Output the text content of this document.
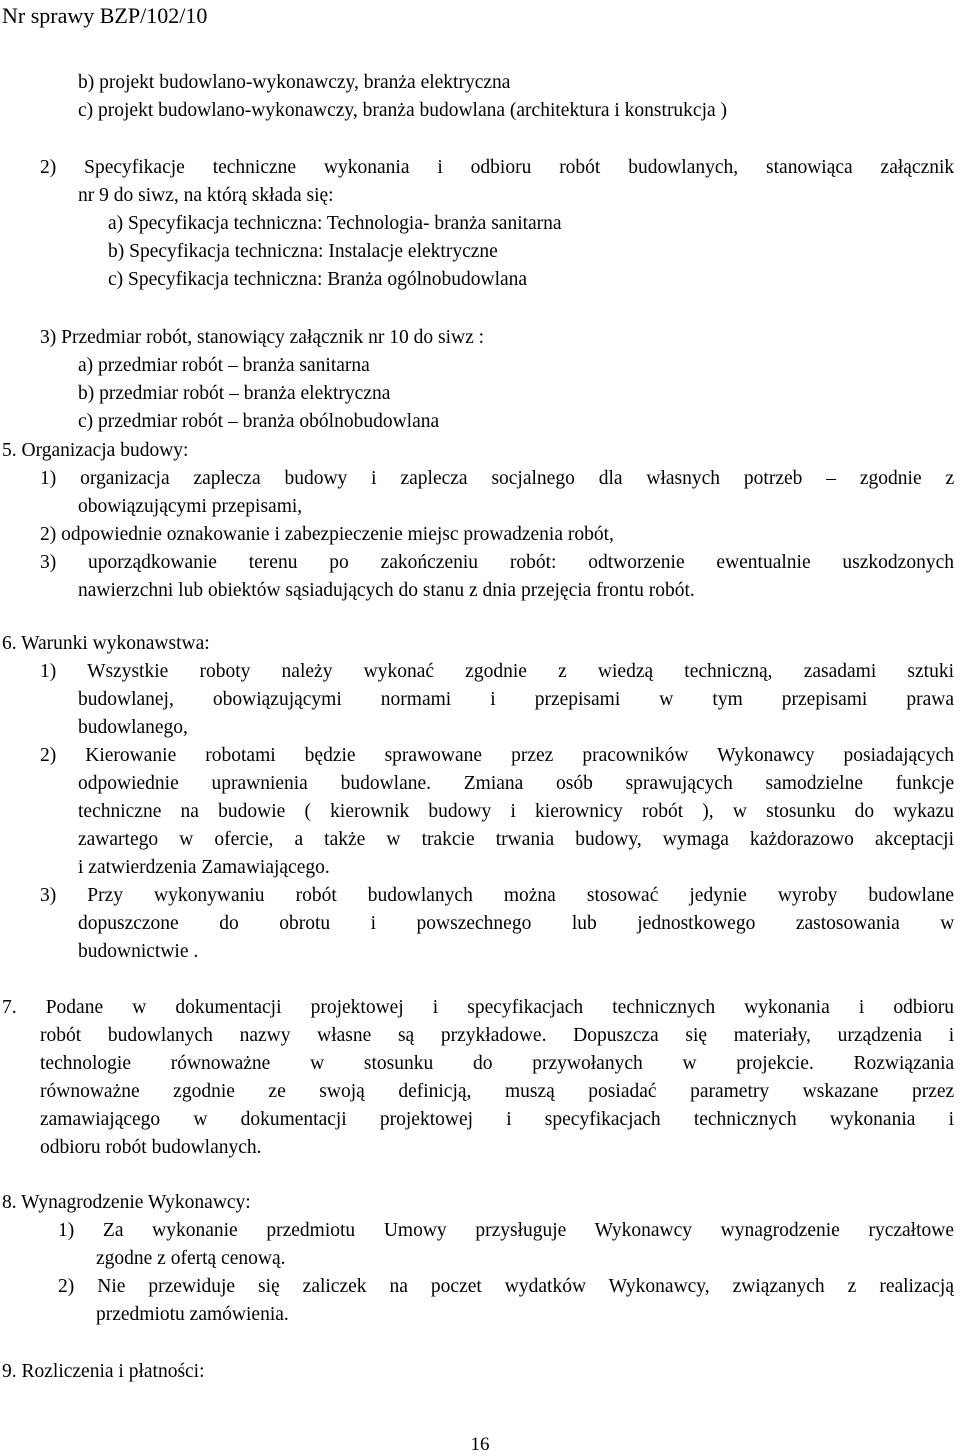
Nr sprawy BZP/102/10
b) projekt budowlano-wykonawczy, branża elektryczna
c) projekt budowlano-wykonawczy, branża budowlana (architektura i konstrukcja )
2) Specyfikacje techniczne wykonania i odbioru robót budowlanych, stanowiąca załącznik
nr 9 do siwz, na którą składa się:
a) Specyfikacja techniczna: Technologia- branża sanitarna
b) Specyfikacja techniczna: Instalacje elektryczne
c) Specyfikacja techniczna: Branża ogólnobudowlana
3) Przedmiar robót, stanowiący załącznik nr 10 do siwz :
a) przedmiar robót – branża sanitarna
b) przedmiar robót – branża elektryczna
c) przedmiar robót – branża obólnobudowlana
5. Organizacja budowy:
1) organizacja zaplecza budowy i zaplecza socjalnego dla własnych potrzeb – zgodnie z
obowiązującymi przepisami,
2) odpowiednie oznakowanie i zabezpieczenie miejsc prowadzenia robót,
3) uporządkowanie terenu po zakończeniu robót: odtworzenie ewentualnie uszkodzonych
nawierzchni lub obiektów sąsiadujących do stanu z dnia przejęcia frontu robót.
6. Warunki wykonawstwa:
1) Wszystkie roboty należy wykonać zgodnie z wiedzą techniczną, zasadami sztuki
budowlanej, obowiązującymi normami i przepisami w tym przepisami prawa
budowlanego,
2) Kierowanie robotami będzie sprawowane przez pracowników Wykonawcy posiadających
odpowiednie uprawnienia budowlane. Zmiana osób sprawujących samodzielne funkcje
techniczne na budowie ( kierownik budowy i kierownicy robót ), w stosunku do wykazu
zawartego w ofercie, a także w trakcie trwania budowy, wymaga każdorazowo akceptacji
i zatwierdzenia Zamawiającego.
3) Przy wykonywaniu robót budowlanych można stosować jedynie wyroby budowlane
dopuszczone do obrotu i powszechnego lub jednostkowego zastosowania w
budownictwie .
7. Podane w dokumentacji projektowej i specyfikacjach technicznych wykonania i odbioru
robót budowlanych nazwy własne są przykładowe. Dopuszcza się materiały, urządzenia i
technologie równoważne w stosunku do przywołanych w projekcie. Rozwiązania
równoważne zgodnie ze swoją definicją, muszą posiadać parametry wskazane przez
zamawiającego w dokumentacji projektowej i specyfikacjach technicznych wykonania i
odbioru robót budowlanych.
8. Wynagrodzenie Wykonawcy:
1) Za wykonanie przedmiotu Umowy przysługuje Wykonawcy wynagrodzenie ryczałtowe
zgodne z ofertą cenową.
2) Nie przewiduje się zaliczek na poczet wydatków Wykonawcy, związanych z realizacją
przedmiotu zamówienia.
9. Rozliczenia i płatności:
16
